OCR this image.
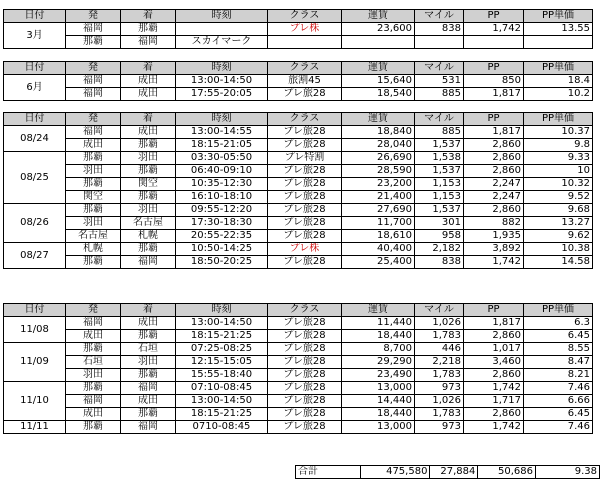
日付	発	着	時刻	クラス	運賃	マイル	PP	PP単価
3月	福岡	那覇		プレ株	23,600	838	1,742	13.55
	那覇	福岡	スカイマーク					
日付	発	着	時刻	クラス	運賃	マイル	PP	PP単価
6月	福岡	成田	13:00-14:50	旅割45	15,640	531	850	18.4
	福岡	成田	17:55-20:05	プレ旅28	18,540	885	1,817	10.2
日付	発	着	時刻	クラス	運賃	マイル	PP	PP単価
08/24	福岡	成田	13:00-14:55	プレ旅28	18,840	885	1,817	10.37
	成田	那覇	18:15-21:05	プレ旅28	28,040	1,537	2,860	9.8
08/25	那覇	羽田	03:30-05:50	プレ特割	26,690	1,538	2,860	9.33
	羽田	那覇	06:40-09:10	プレ旅28	28,590	1,537	2,860	10
	那覇	関空	10:35-12:30	プレ旅28	23,200	1,153	2,247	10.32
	関空	那覇	16:10-18:10	プレ旅28	21,400	1,153	2,247	9.52
08/26	那覇	羽田	09:55-12:20	プレ旅28	27,690	1,537	2,860	9.68
	羽田	名古屋	17:30-18:30	プレ旅28	11,700	301	882	13.27
	名古屋	札幌	20:55-22:35	プレ旅28	18,610	958	1,935	9.62
08/27	札幌	那覇	10:50-14:25	プレ株	40,400	2,182	3,892	10.38
	那覇	福岡	18:50-20:25	プレ旅28	25,400	838	1,742	14.58
日付	発	着	時刻	クラス	運賃	マイル	PP	PP単価
11/08	福岡	成田	13:00-14:50	プレ旅28	11,440	1,026	1,817	6.3
	成田	那覇	18:15-21:25	プレ旅28	18,440	1,783	2,860	6.45
11/09	那覇	石垣	07:25-08:25	プレ旅28	8,700	446	1,017	8.55
	石垣	羽田	12:15-15:05	プレ旅28	29,290	2,218	3,460	8.47
	羽田	那覇	15:55-18:40	プレ旅28	23,490	1,783	2,860	8.21
11/10	那覇	福岡	07:10-08:45	プレ旅28	13,000	973	1,742	7.46
	福岡	成田	13:00-14:50	プレ旅28	14,440	1,026	1,717	6.66
	成田	那覇	18:15-21:25	プレ旅28	18,440	1,783	2,860	6.45
11/11	那覇	福岡	0710-08:45	プレ旅28	13,000	973	1,742	7.46
合計	475,580	27,884	50,686	9.38
